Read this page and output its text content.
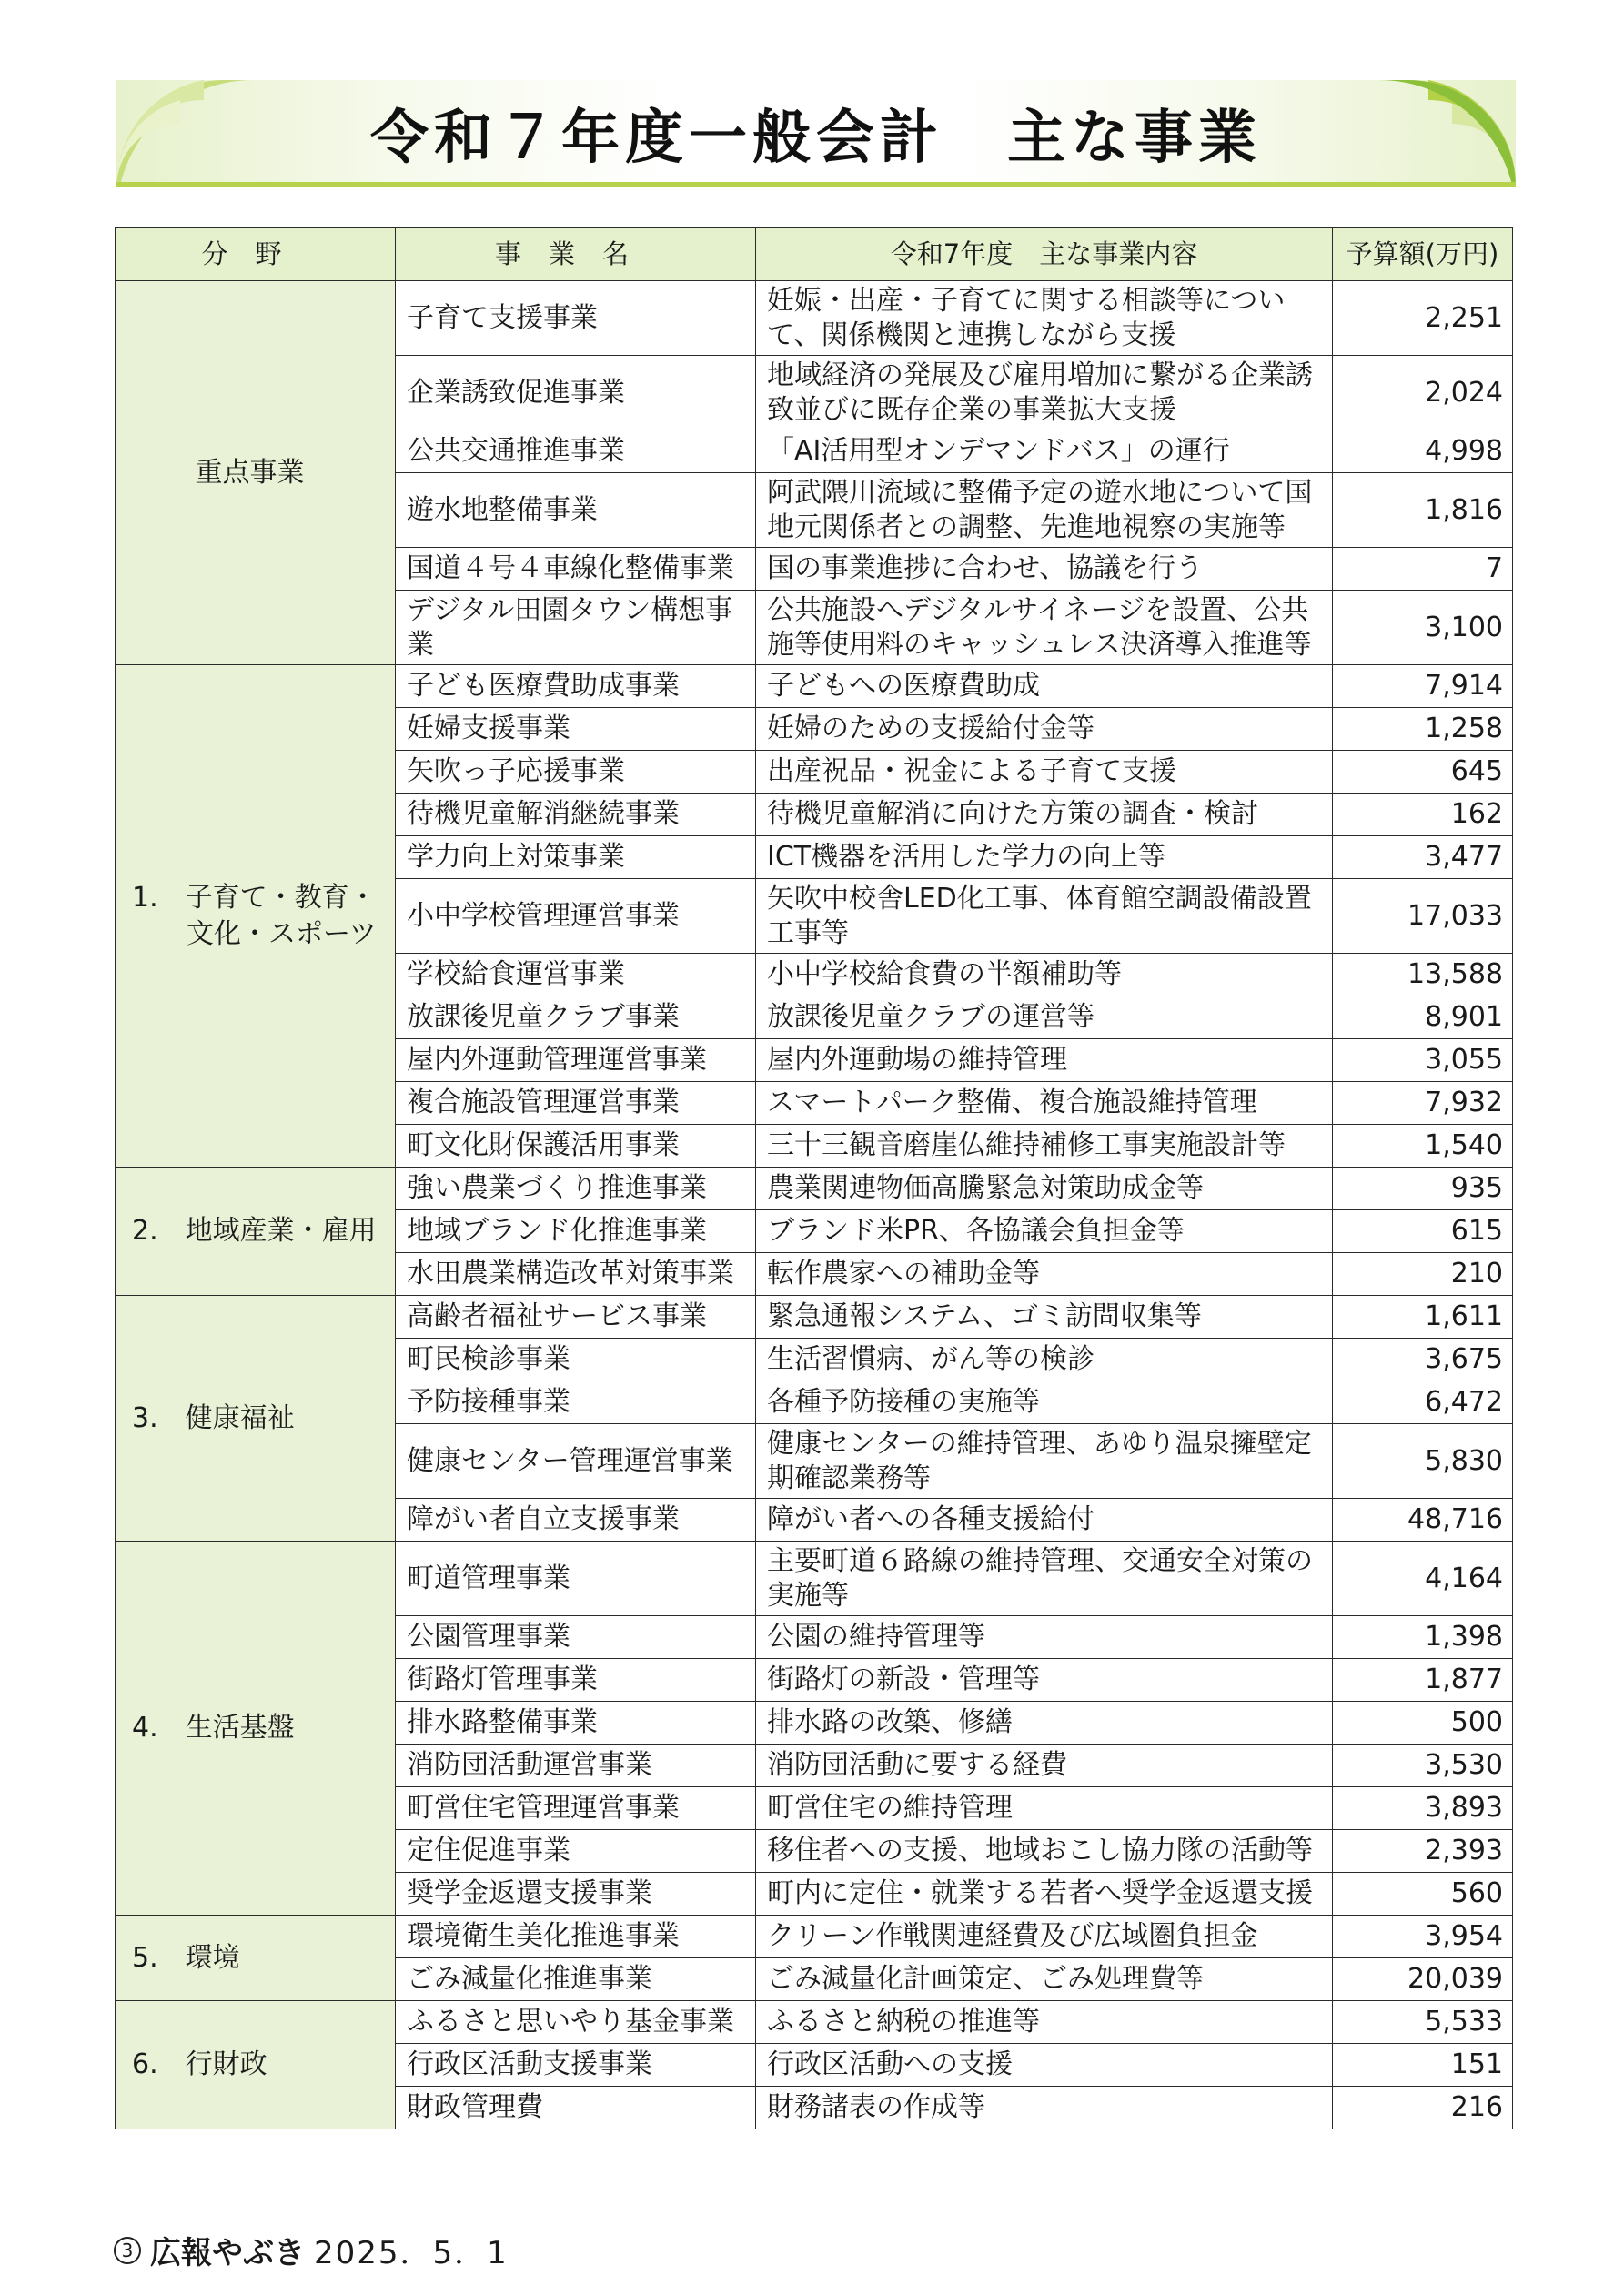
令和７年度一般会計　主な事業
分野	事業名	令和7年度　主な事業内容	予算額(万円)

重点事業	子育て支援事業	妊娠・出産・子育てに関する相談等について、関係機関と連携しながら支援	2,251
	企業誘致促進事業	地域経済の発展及び雇用増加に繋がる企業誘致並びに既存企業の事業拡大支援	2,024
	公共交通推進事業	「AI活用型オンデマンドバス」の運行	4,998
	遊水地整備事業	阿武隈川流域に整備予定の遊水地について国地元関係者との調整、先進地視察の実施等	1,816
	国道４号４車線化整備事業	国の事業進捗に合わせ、協議を行う	7
	デジタル田園タウン構想事業	公共施設へデジタルサイネージを設置、公共施等使用料のキャッシュレス決済導入推進等	3,100

1.　子育て・教育・
文化・スポーツ	子ども医療費助成事業	子どもへの医療費助成	7,914
	妊婦支援事業	妊婦のための支援給付金等	1,258
	矢吹っ子応援事業	出産祝品・祝金による子育て支援	645
	待機児童解消継続事業	待機児童解消に向けた方策の調査・検討	162
	学力向上対策事業	ICT機器を活用した学力の向上等	3,477
	小中学校管理運営事業	矢吹中校舎LED化工事、体育館空調設備設置工事等	17,033
	学校給食運営事業	小中学校給食費の半額補助等	13,588
	放課後児童クラブ事業	放課後児童クラブの運営等	8,901
	屋内外運動管理運営事業	屋内外運動場の維持管理	3,055
	複合施設管理運営事業	スマートパーク整備、複合施設維持管理	7,932
	町文化財保護活用事業	三十三観音磨崖仏維持補修工事実施設計等	1,540

2.　地域産業・雇用	強い農業づくり推進事業	農業関連物価高騰緊急対策助成金等	935
	地域ブランド化推進事業	ブランド米PR、各協議会負担金等	615
	水田農業構造改革対策事業	転作農家への補助金等	210

3.　健康福祉	高齢者福祉サービス事業	緊急通報システム、ゴミ訪問収集等	1,611
	町民検診事業	生活習慣病、がん等の検診	3,675
	予防接種事業	各種予防接種の実施等	6,472
	健康センター管理運営事業	健康センターの維持管理、あゆり温泉擁壁定期確認業務等	5,830
	障がい者自立支援事業	障がい者への各種支援給付	48,716

4.　生活基盤	町道管理事業	主要町道６路線の維持管理、交通安全対策の実施等	4,164
	公園管理事業	公園の維持管理等	1,398
	街路灯管理事業	街路灯の新設・管理等	1,877
	排水路整備事業	排水路の改築、修繕	500
	消防団活動運営事業	消防団活動に要する経費	3,530
	町営住宅管理運営事業	町営住宅の維持管理	3,893
	定住促進事業	移住者への支援、地域おこし協力隊の活動等	2,393
	奨学金返還支援事業	町内に定住・就業する若者へ奨学金返還支援	560

5.　環境	環境衛生美化推進事業	クリーン作戦関連経費及び広域圏負担金	3,954
	ごみ減量化推進事業	ごみ減量化計画策定、ごみ処理費等	20,039

6.　行財政	ふるさと思いやり基金事業	ふるさと納税の推進等	5,533
	行政区活動支援事業	行政区活動への支援	151
	財政管理費	財務諸表の作成等	216
3 広報やぶき 2025．5．1
